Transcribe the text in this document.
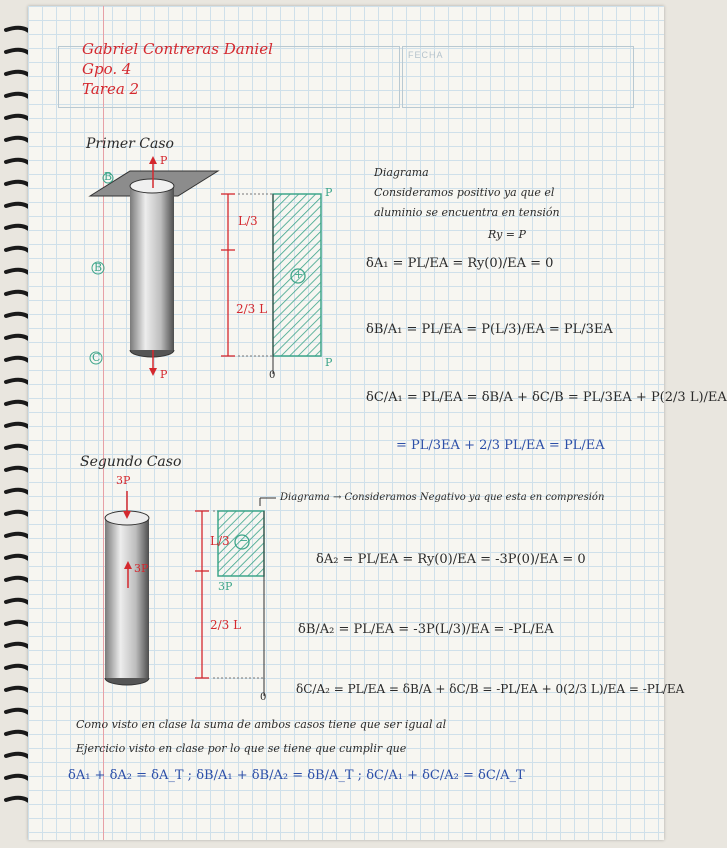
FECHA
Gabriel Contreras Daniel
Gpo. 4
Tarea 2
Primer Caso
B
B
C
P
P
L/3
2/3 L
P
P
+
0
Diagrama
Consideramos positivo ya que el
aluminio se encuentra en tensión
Ry = P
δA₁ = PL/EA = Ry(0)/EA = 0
δB/A₁ = PL/EA = P(L/3)/EA = PL/3EA
δC/A₁ = PL/EA = δB/A + δC/B = PL/3EA + P(2/3 L)/EA
= PL/3EA + 2/3 PL/EA = PL/EA
Segundo Caso
3P
3P
L/3
2/3 L
3P
−
0
Diagrama → Consideramos Negativo ya que esta en compresión
δA₂ = PL/EA = Ry(0)/EA = -3P(0)/EA = 0
δB/A₂ = PL/EA = -3P(L/3)/EA = -PL/EA
δC/A₂ = PL/EA = δB/A + δC/B = -PL/EA + 0(2/3 L)/EA = -PL/EA
Como visto en clase la suma de ambos casos tiene que ser igual al
Ejercicio visto en clase por lo que se tiene que cumplir que
δA₁ + δA₂ = δA_T ; δB/A₁ + δB/A₂ = δB/A_T ; δC/A₁ + δC/A₂ = δC/A_T
